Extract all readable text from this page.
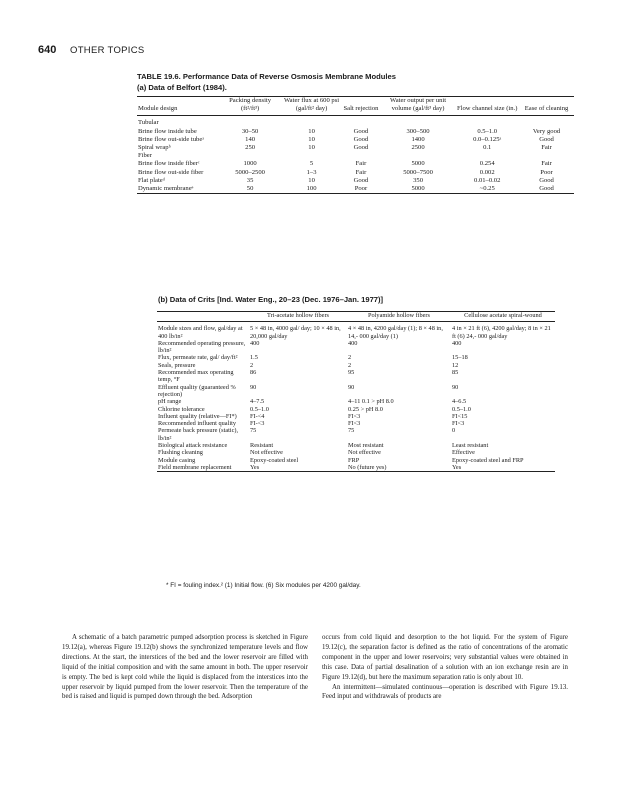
640 OTHER TOPICS
TABLE 19.6. Performance Data of Reverse Osmosis Membrane Modules
(a) Data of Belfort (1984).
Module design	Packing density (ft²/ft³)	Water flux at 600 psi (gal/ft² day)	Salt rejection	Water output per unit volume (gal/ft³ day)	Flow channel size (in.)	Ease of cleaning
Tubular						
Brine flow inside tube	30–50	10	Good	300–500	0.5–1.0	Very good
Brine flow out-side tubeᵃ	140	10	Good	1400	0.0–0.125ᵃ	Good
Spiral wrapᵇ	250	10	Good	2500	0.1	Fair
Fiber						
Brine flow inside fiberᶜ	1000	5	Fair	5000	0.254	Fair
Brine flow out-side fiber	5000–2500	1–3	Fair	5000–7500	0.002	Poor
Flat plateᵈ	35	10	Good	350	0.01–0.02	Good
Dynamic membraneᵉ	50	100	Poor	5000	~0.25	Good
(b) Data of Crits [Ind. Water Eng., 20–23 (Dec. 1976–Jan. 1977)]
	Tri-acetate hollow fibers	Polyamide hollow fibers	Cellulose acetate spiral-wound
Module sizes and flow, gal/day at 400 lb/in²	5 × 48 in, 4000 gal/ day; 10 × 48 in, 20,000 gal/day	4 × 48 in, 4200 gal/day (1); 8 × 48 in, 14,- 000 gal/day (1)	4 in × 21 ft (6), 4200 gal/day; 8 in × 21 ft (6) 24,- 000 gal/day
Recommended operating pressure, lb/in²	400	400	400
Flux, permeate rate, gal/ day/ft²	1.5	2	15–18
Seals, pressure	2	2	12
Recommended max operating temp, °F	86	95	85
Effluent quality (guaranteed % rejection)	90	90	90
pH range	4–7.5	4–11 0.1 > pH 8.0	4–6.5
Chlorine tolerance	0.5–1.0	0.25 > pH 8.0	0.5–1.0
Influent quality (relative—FI*)	FI-<4	FI<3	FI<15
Recommended influent quality	FI-<3	FI<3	FI<3
Permeate back pressure (static), lb/in²	75	75	0
Biological attack resistance	Resistant	Most resistant	Least resistant
Flushing cleaning	Not effective	Not effective	Effective
Module casing	Epoxy-coated steel	FRP	Epoxy-coated steel and FRP
Field membrane replacement	Yes	No (future yes)	Yes
* FI = fouling index.² (1) Initial flow. (6) Six modules per 4200 gal/day.

A schematic of a batch parametric pumped adsorption process is sketched in Figure 19.12(a), whereas Figure 19.12(b) shows the synchronized temperature levels and flow directions. At the start, the interstices of the bed and the lower reservoir are filled with liquid of the initial composition and with the same amount in both. The upper reservoir is empty. The bed is kept cold while the liquid is displaced from the interstices into the upper reservoir by liquid pumped from the lower reservoir. Then the temperature of the bed is raised and liquid is pumped down through the bed. Adsorption

occurs from cold liquid and desorption to the hot liquid. For the system of Figure 19.12(c), the separation factor is defined as the ratio of concentrations of the aromatic component in the upper and lower reservoirs; very substantial values were obtained in this case. Data of partial desalination of a solution with an ion exchange resin are in Figure 19.12(d), but here the maximum separation ratio is only about 10.

An intermittent—simulated continuous—operation is described with Figure 19.13. Feed input and withdrawals of products are
